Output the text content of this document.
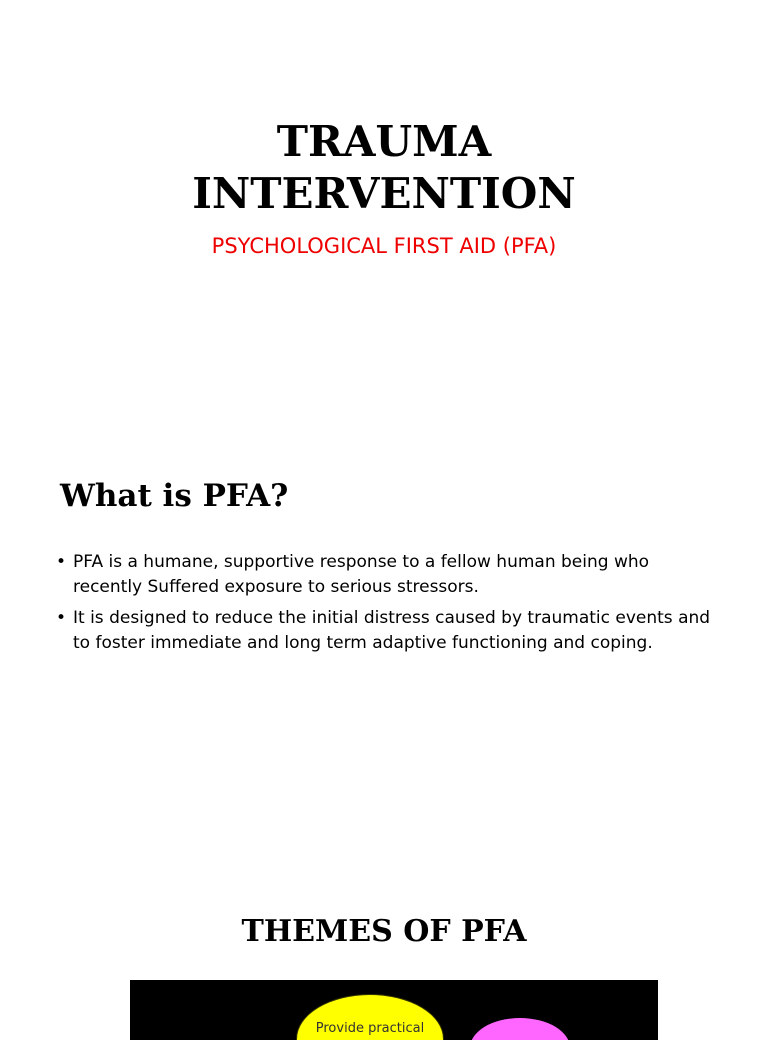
TRAUMA
INTERVENTION
PSYCHOLOGICAL FIRST AID (PFA)
What is PFA?
• PFA is a humane, supportive response to a fellow human being who recently Suffered exposure to serious stressors.
• It is designed to reduce the initial distress caused by traumatic events and to foster immediate and long term adaptive functioning and coping.
THEMES OF PFA
Provide practical
